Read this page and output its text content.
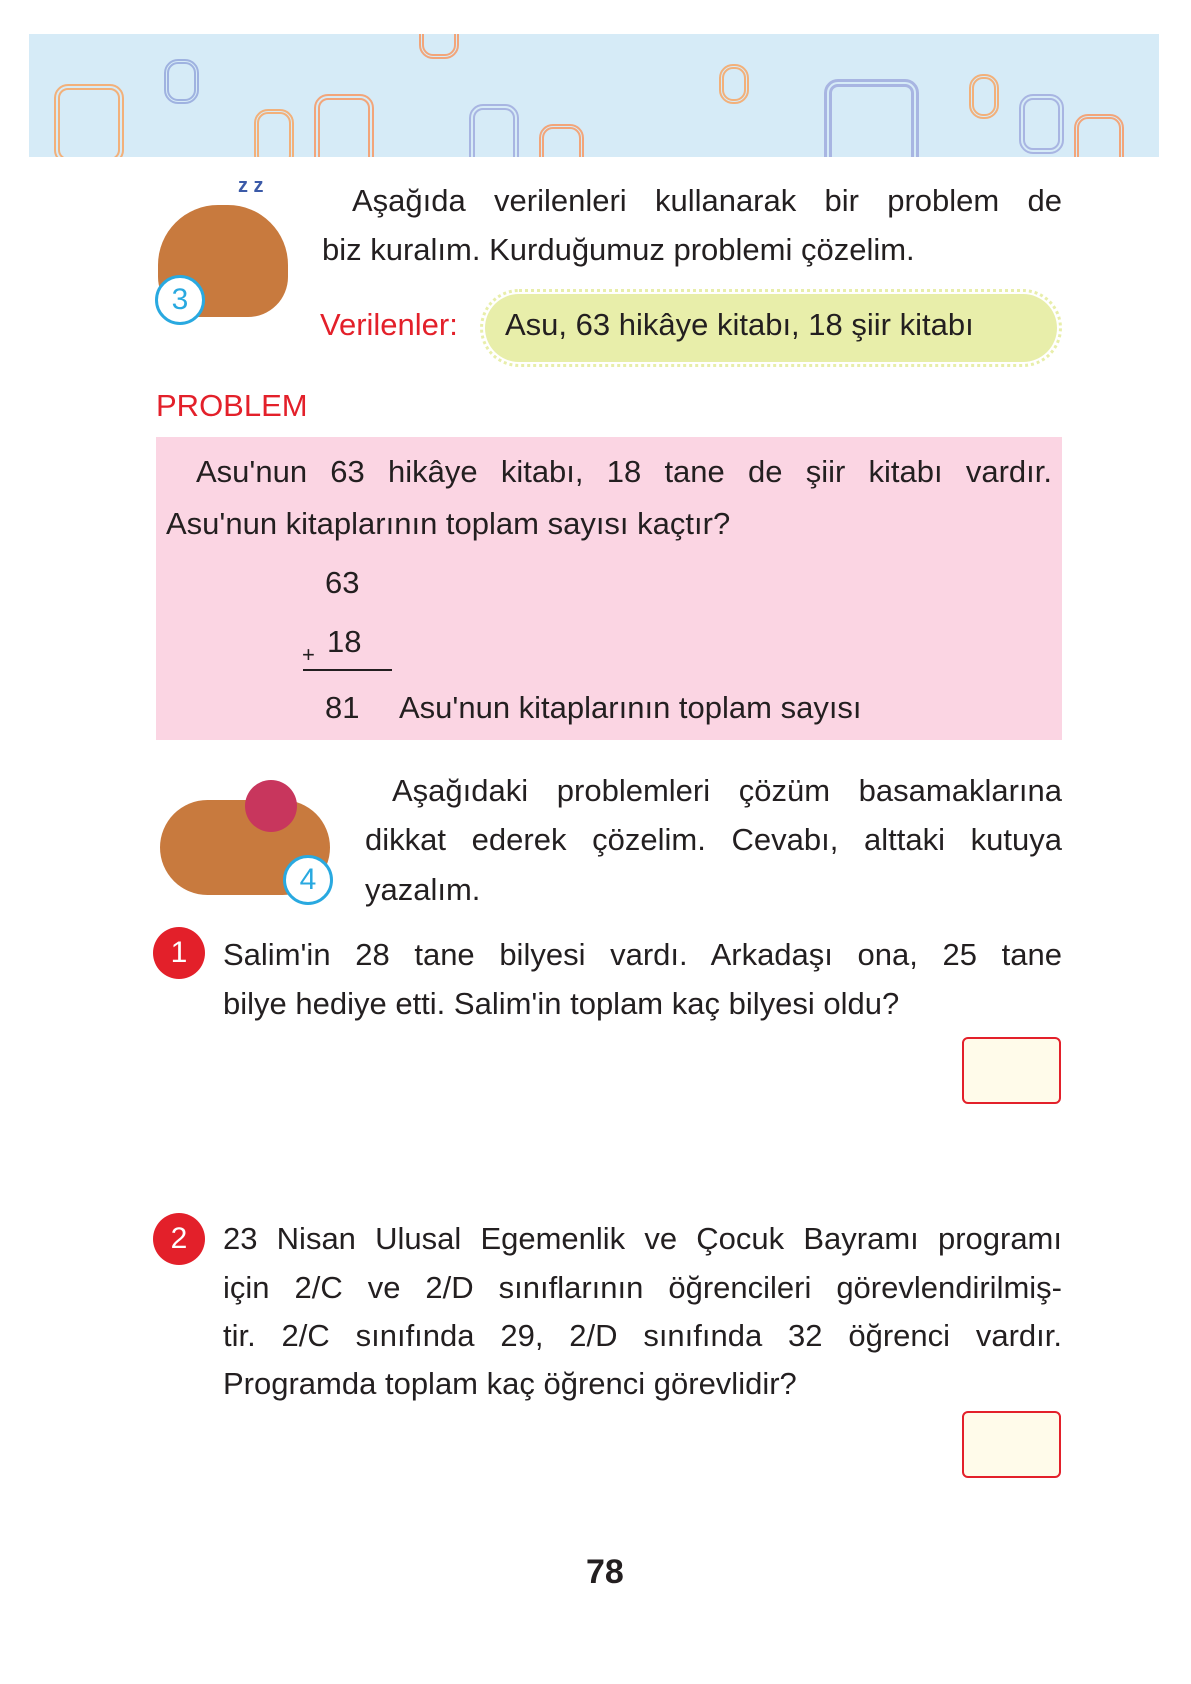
z z
3
Aşağıda verilenleri kullanarak bir problem de
biz kuralım. Kurduğumuz problemi çözelim.
Verilenler: Asu, 63 hikâye kitabı, 18 şiir kitabı
PROBLEM
Asu'nun 63 hikâye kitabı, 18 tane de şiir kitabı vardır.
Asu'nun kitaplarının toplam sayısı kaçtır?
63
+ 18
81 Asu'nun kitaplarının toplam sayısı
4
Aşağıdaki problemleri çözüm basamaklarına
dikkat ederek çözelim. Cevabı, alttaki kutuya
yazalım.
1	Salim'in 28 tane bilyesi vardı. Arkadaşı ona, 25 tane
bilye hediye etti. Salim'in toplam kaç bilyesi oldu?
2	23 Nisan Ulusal Egemenlik ve Çocuk Bayramı programı
için 2/C ve 2/D sınıflarının öğrencileri görevlendirilmiş-
tir. 2/C sınıfında 29, 2/D sınıfında 32 öğrenci vardır.
Programda toplam kaç öğrenci görevlidir?
78
